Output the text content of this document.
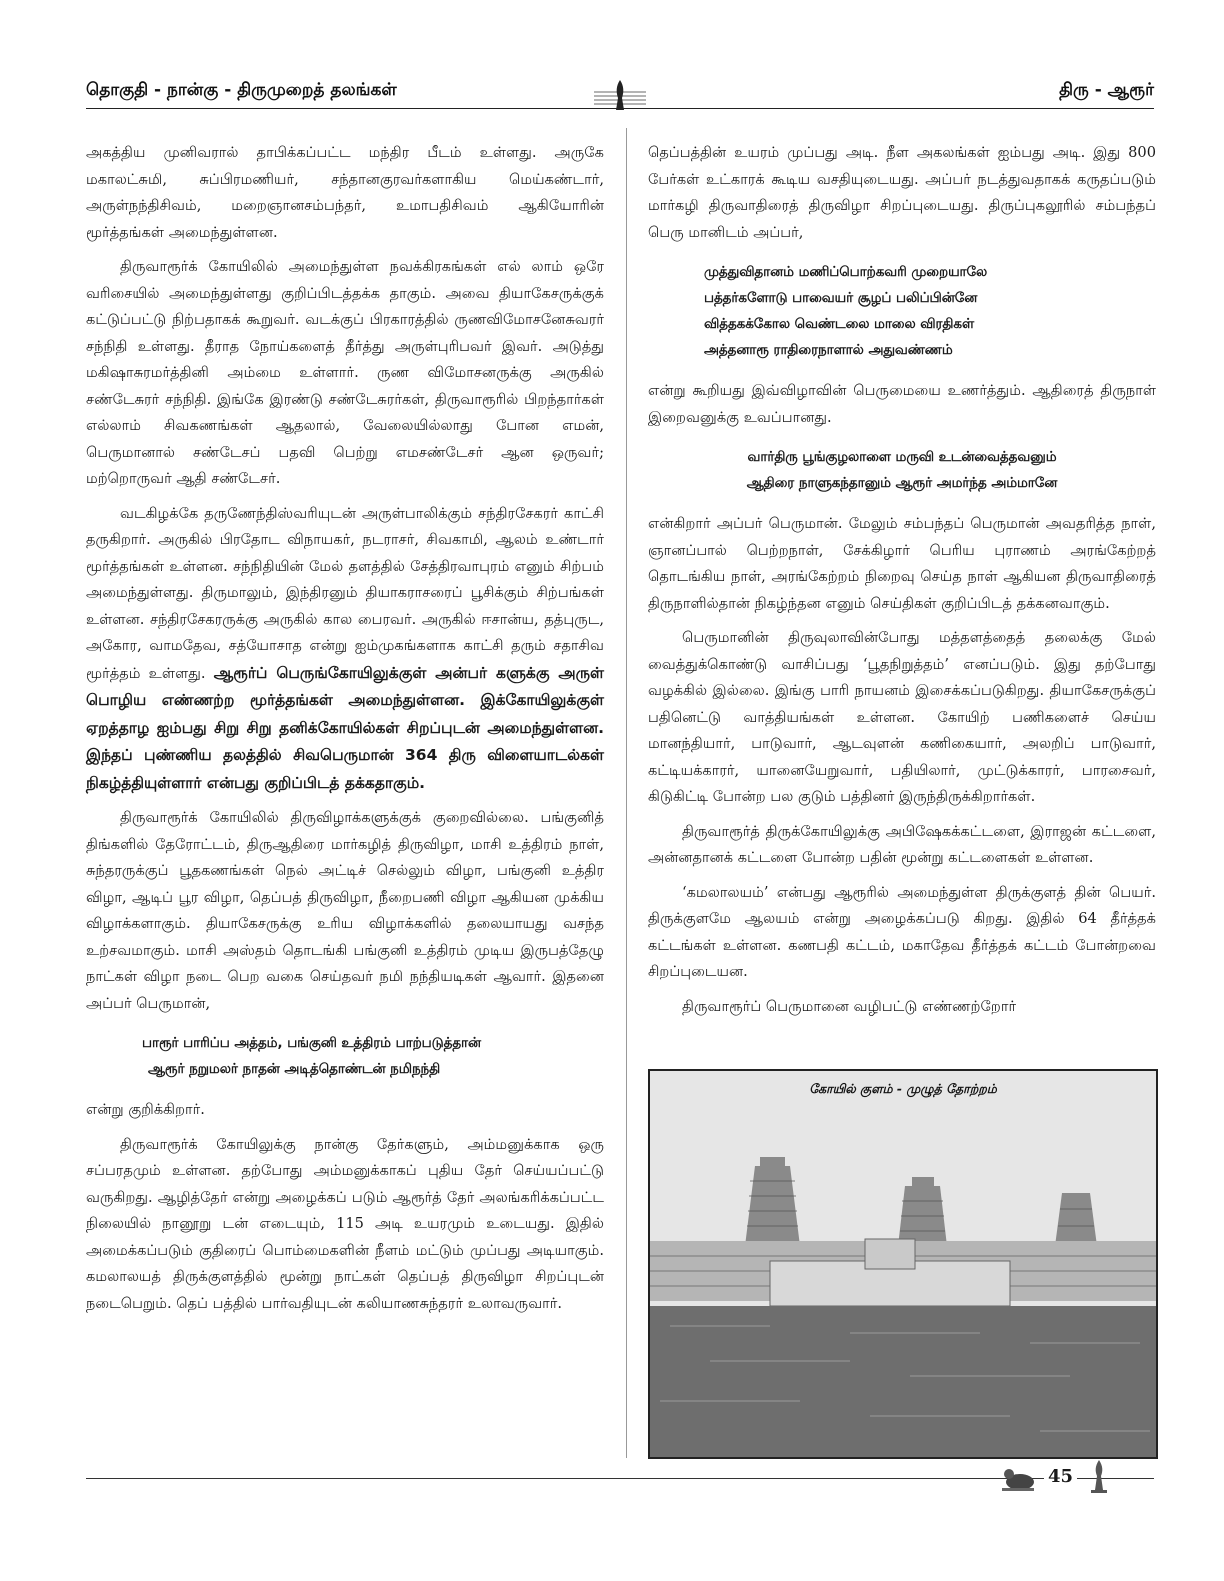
தொகுதி - நான்கு - திருமுறைத் தலங்கள்	திரு - ஆரூர்

அகத்திய முனிவரால் தாபிக்கப்பட்ட மந்திர பீடம் உள்ளது. அருகே மகாலட்சுமி, சுப்பிரமணியர், சந்தானகுரவர்களாகிய மெய்கண்டார், அருள்நந்திசிவம், மறைஞானசம்பந்தர், உமாபதிசிவம் ஆகியோரின் மூர்த்தங்கள் அமைந்துள்ளன.

திருவாரூர்க் கோயிலில் அமைந்துள்ள நவக்கிரகங்கள் எல் லாம் ஒரே வரிசையில் அமைந்துள்ளது குறிப்பிடத்தக்க தாகும். அவை தியாகேசருக்குக் கட்டுப்பட்டு நிற்பதாகக் கூறுவர். வடக்குப் பிரகாரத்தில் ருணவிமோசனேசுவரர் சந்நிதி உள்ளது. தீராத நோய்களைத் தீர்த்து அருள்புரிபவர் இவர். அடுத்து மகிஷாசுரமர்த்தினி அம்மை உள்ளார். ருண விமோசனருக்கு அருகில் சண்டேசுரர் சந்நிதி. இங்கே இரண்டு சண்டேசுரர்கள், திருவாரூரில் பிறந்தார்கள் எல்லாம் சிவகணங்கள் ஆதலால், வேலையில்லாது போன எமன், பெருமானால் சண்டேசப் பதவி பெற்று எமசண்டேசர் ஆன ஒருவர்; மற்றொருவர் ஆதி சண்டேசர்.

வடகிழக்கே தருணேந்திஸ்வரியுடன் அருள்பாலிக்கும் சந்திரசேகரர் காட்சி தருகிறார். அருகில் பிரதோட விநாயகர், நடராசர், சிவகாமி, ஆலம் உண்டார் மூர்த்தங்கள் உள்ளன. சந்நிதியின் மேல் தளத்தில் சேத்திரவாபுரம் எனும் சிற்பம் அமைந்துள்ளது. திருமாலும், இந்திரனும் தியாகராசரைப் பூசிக்கும் சிற்பங்கள் உள்ளன. சந்திரசேகரருக்கு அருகில் கால பைரவர். அருகில் ஈசான்ய, தத்புருட, அகோர, வாமதேவ, சத்யோசாத என்று ஐம்முகங்களாக காட்சி தரும் சதாசிவ மூர்த்தம் உள்ளது. ஆரூர்ப் பெருங்கோயிலுக்குள் அன்பர் களுக்கு அருள் பொழிய எண்ணற்ற மூர்த்தங்கள் அமைந்துள்ளன. இக்கோயிலுக்குள் ஏறத்தாழ ஐம்பது சிறு சிறு தனிக்கோயில்கள் சிறப்புடன் அமைந்துள்ளன. இந்தப் புண்ணிய தலத்தில் சிவபெருமான் 364 திரு விளையாடல்கள் நிகழ்த்தியுள்ளார் என்பது குறிப்பிடத் தக்கதாகும்.

திருவாரூர்க் கோயிலில் திருவிழாக்களுக்குக் குறைவில்லை. பங்குனித் திங்களில் தேரோட்டம், திருஆதிரை மார்கழித் திருவிழா, மாசி உத்திரம் நாள், சுந்தரருக்குப் பூதகணங்கள் நெல் அட்டிச் செல்லும் விழா, பங்குனி உத்திர விழா, ஆடிப் பூர விழா, தெப்பத் திருவிழா, நீறைபணி விழா ஆகியன முக்கிய விழாக்களாகும். தியாகேசருக்கு உரிய விழாக்களில் தலையாயது வசந்த உற்சவமாகும். மாசி அஸ்தம் தொடங்கி பங்குனி உத்திரம் முடிய இருபத்தேழு நாட்கள் விழா நடை பெற வகை செய்தவர் நமி நந்தியடிகள் ஆவார். இதனை அப்பர் பெருமான்,

பாரூர் பாரிப்ப அத்தம், பங்குனி உத்திரம் பாற்படுத்தான்
ஆரூர் நறுமலர் நாதன் அடித்தொண்டன் நமிநந்தி

என்று குறிக்கிறார்.

திருவாரூர்க் கோயிலுக்கு நான்கு தேர்களும், அம்மனுக்காக ஒரு சப்பரதமும் உள்ளன. தற்போது அம்மனுக்காகப் புதிய தேர் செய்யப்பட்டு வருகிறது. ஆழித்தேர் என்று அழைக்கப் படும் ஆரூர்த் தேர் அலங்கரிக்கப்பட்ட நிலையில் நானூறு டன் எடையும், 115 அடி உயரமும் உடையது. இதில் அமைக்கப்படும் குதிரைப் பொம்மைகளின் நீளம் மட்டும் முப்பது அடியாகும். கமலாலயத் திருக்குளத்தில் மூன்று நாட்கள் தெப்பத் திருவிழா சிறப்புடன் நடைபெறும். தெப் பத்தில் பார்வதியுடன் கலியாணசுந்தரர் உலாவருவார்.

தெப்பத்தின் உயரம் முப்பது அடி. நீள அகலங்கள் ஐம்பது அடி. இது 800 பேர்கள் உட்காரக் கூடிய வசதியுடையது. அப்பர் நடத்துவதாகக் கருதப்படும் மார்கழி திருவாதிரைத் திருவிழா சிறப்புடையது. திருப்புகலூரில் சம்பந்தப் பெரு மானிடம் அப்பர்,

முத்துவிதானம் மணிப்பொற்கவரி முறையாலே
பத்தர்களோடு பாவையர் சூழப் பலிப்பின்னே
வித்தகக்கோல வெண்டலை மாலை விரதிகள்
அத்தனாரூ ராதிரைநாளால் அதுவண்ணம்

என்று கூறியது இவ்விழாவின் பெருமையை உணர்த்தும். ஆதிரைத் திருநாள் இறைவனுக்கு உவப்பானது.

வார்திரு பூங்குழலாளை மருவி உடன்வைத்தவனும்
ஆதிரை நாளுகந்தானும் ஆரூர் அமர்ந்த அம்மானே

என்கிறார் அப்பர் பெருமான். மேலும் சம்பந்தப் பெருமான் அவதரித்த நாள், ஞானப்பால் பெற்றநாள், சேக்கிழார் பெரிய புராணம் அரங்கேற்றத் தொடங்கிய நாள், அரங்கேற்றம் நிறைவு செய்த நாள் ஆகியன திருவாதிரைத் திருநாளில்தான் நிகழ்ந்தன எனும் செய்திகள் குறிப்பிடத் தக்கனவாகும்.

பெருமானின் திருவுலாவின்போது மத்தளத்தைத் தலைக்கு மேல் வைத்துக்கொண்டு வாசிப்பது ‘பூதநிறுத்தம்’ எனப்படும். இது தற்போது வழக்கில் இல்லை. இங்கு பாரி நாயனம் இசைக்கப்படுகிறது. தியாகேசருக்குப் பதினெட்டு வாத்தியங்கள் உள்ளன. கோயிற் பணிகளைச் செய்ய மானந்தியார், பாடுவார், ஆடவுளன் கணிகையார், அலறிப் பாடுவார், கட்டியக்காரர், யானையேறுவார், பதியிலார், முட்டுக்காரர், பாரசைவர், கிடுகிட்டி போன்ற பல குடும் பத்தினர் இருந்திருக்கிறார்கள்.

திருவாரூர்த் திருக்கோயிலுக்கு அபிஷேகக்கட்டளை, இராஜன் கட்டளை, அன்னதானக் கட்டளை போன்ற பதின் மூன்று கட்டளைகள் உள்ளன.

‘கமலாலயம்’ என்பது ஆரூரில் அமைந்துள்ள திருக்குளத் தின் பெயர். திருக்குளமே ஆலயம் என்று அழைக்கப்படு கிறது. இதில் 64 தீர்த்தக் கட்டங்கள் உள்ளன. கணபதி கட்டம், மகாதேவ தீர்த்தக் கட்டம் போன்றவை சிறப்புடையன.

திருவாரூர்ப் பெருமானை வழிபட்டு எண்ணற்றோர்

கோயில் குளம் - முழுத் தோற்றம்
45
